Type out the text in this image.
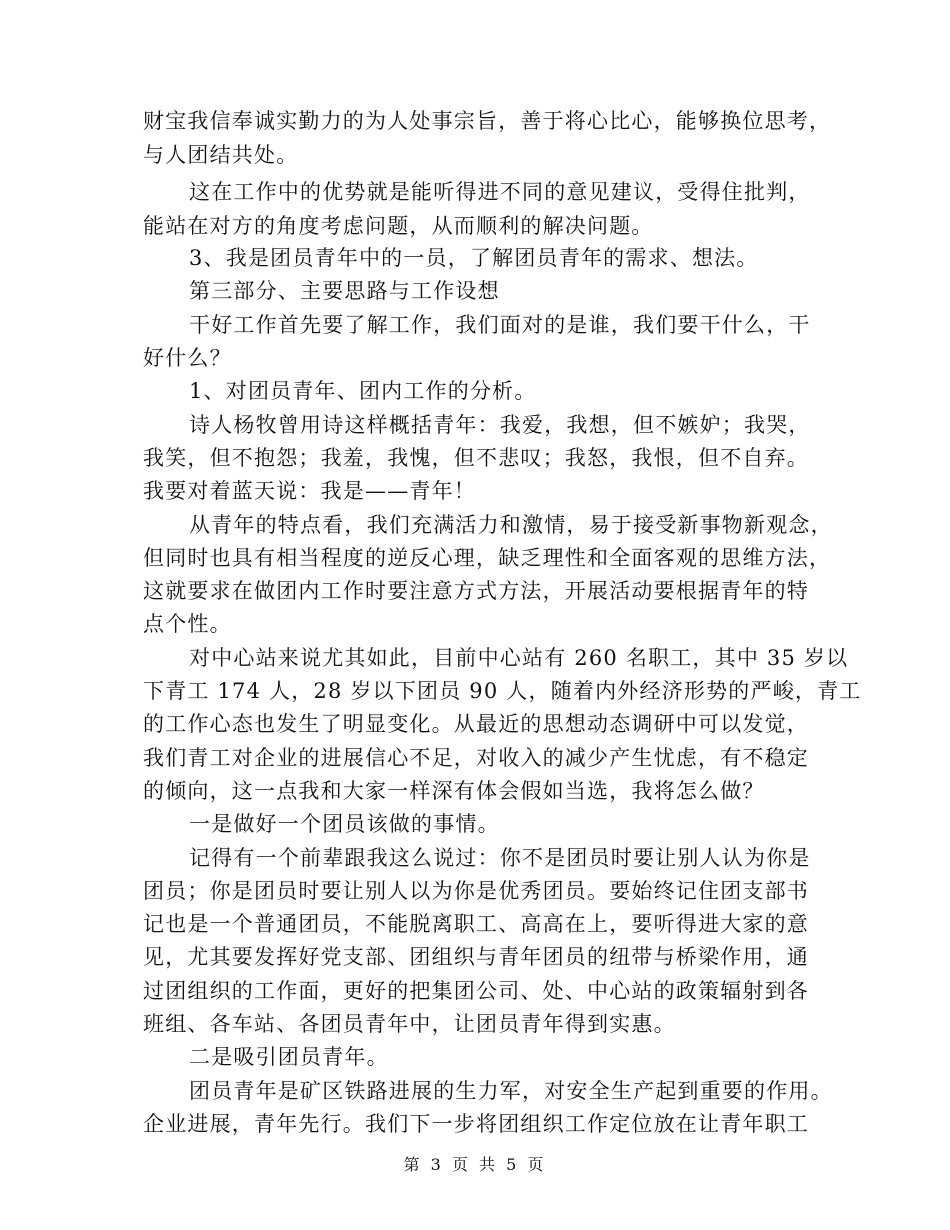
财宝我信奉诚实勤力的为人处事宗旨，善于将心比心，能够换位思考，
与人团结共处。
这在工作中的优势就是能听得进不同的意见建议，受得住批判，
能站在对方的角度考虑问题，从而顺利的解决问题。
3、我是团员青年中的一员，了解团员青年的需求、想法。
第三部分、主要思路与工作设想
干好工作首先要了解工作，我们面对的是谁，我们要干什么，干
好什么？
1、对团员青年、团内工作的分析。
诗人杨牧曾用诗这样概括青年：我爱，我想，但不嫉妒；我哭，
我笑，但不抱怨；我羞，我愧，但不悲叹；我怒，我恨，但不自弃。
我要对着蓝天说：我是——青年！
从青年的特点看，我们充满活力和激情，易于接受新事物新观念，
但同时也具有相当程度的逆反心理，缺乏理性和全面客观的思维方法，
这就要求在做团内工作时要注意方式方法，开展活动要根据青年的特
点个性。
对中心站来说尤其如此，目前中心站有 260 名职工，其中 35 岁以
下青工 174 人，28 岁以下团员 90 人，随着内外经济形势的严峻，青工
的工作心态也发生了明显变化。从最近的思想动态调研中可以发觉，
我们青工对企业的进展信心不足，对收入的减少产生忧虑，有不稳定
的倾向，这一点我和大家一样深有体会假如当选，我将怎么做？
一是做好一个团员该做的事情。
记得有一个前辈跟我这么说过：你不是团员时要让别人认为你是
团员；你是团员时要让别人以为你是优秀团员。要始终记住团支部书
记也是一个普通团员，不能脱离职工、高高在上，要听得进大家的意
见，尤其要发挥好党支部、团组织与青年团员的纽带与桥梁作用，通
过团组织的工作面，更好的把集团公司、处、中心站的政策辐射到各
班组、各车站、各团员青年中，让团员青年得到实惠。
二是吸引团员青年。
团员青年是矿区铁路进展的生力军，对安全生产起到重要的作用。
企业进展，青年先行。我们下一步将团组织工作定位放在让青年职工
第 3 页 共 5 页
